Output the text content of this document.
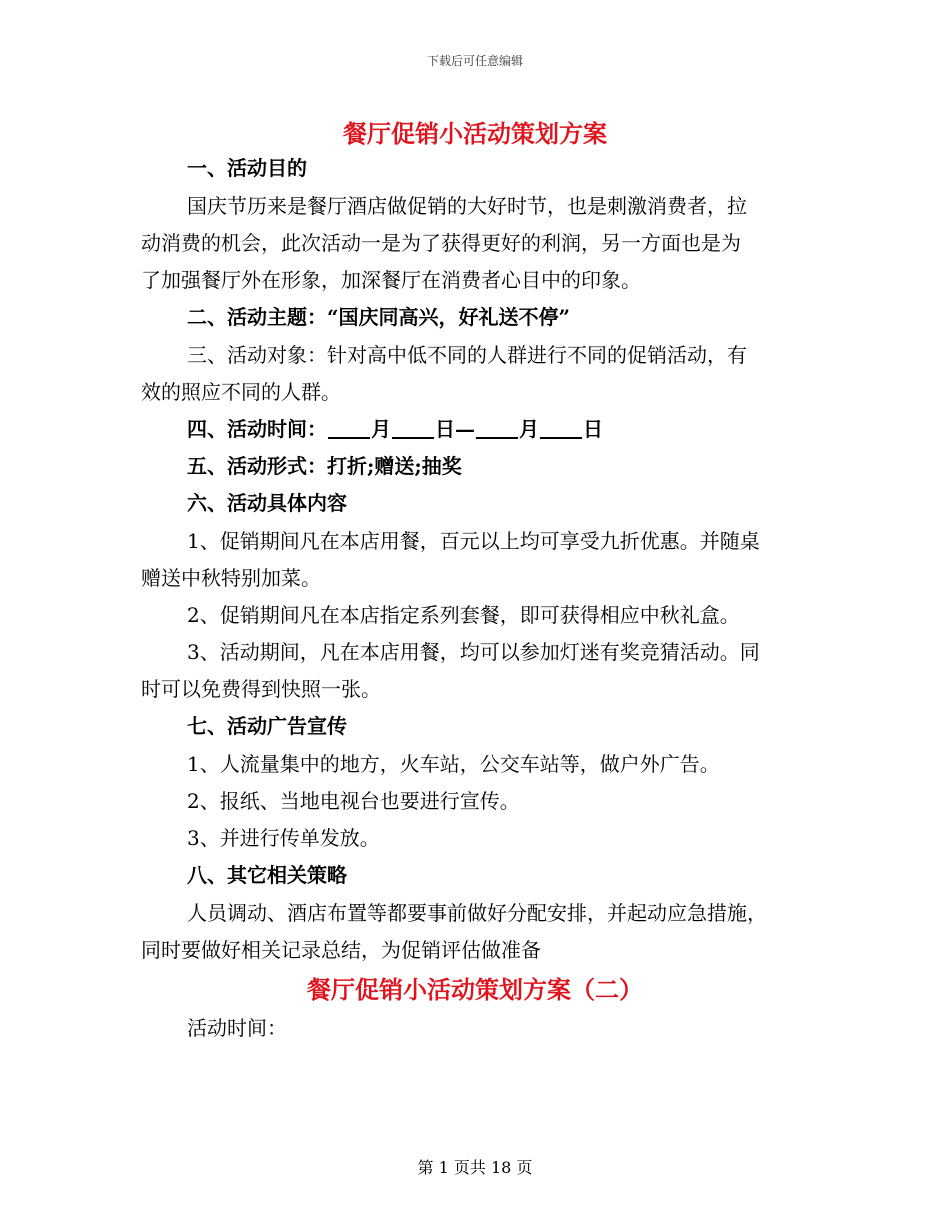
下载后可任意编辑
餐厅促销小活动策划方案
一、活动目的
国庆节历来是餐厅酒店做促销的大好时节，也是刺激消费者，拉
动消费的机会，此次活动一是为了获得更好的利润，另一方面也是为
了加强餐厅外在形象，加深餐厅在消费者心目中的印象。
二、活动主题：“国庆同高兴，好礼送不停”
三、活动对象：针对高中低不同的人群进行不同的促销活动，有
效的照应不同的人群。
四、活动时间： 月 日— 月 日
五、活动形式：打折;赠送;抽奖
六、活动具体内容
1、促销期间凡在本店用餐，百元以上均可享受九折优惠。并随桌
赠送中秋特别加菜。
2、促销期间凡在本店指定系列套餐，即可获得相应中秋礼盒。
3、活动期间，凡在本店用餐，均可以参加灯迷有奖竞猜活动。同
时可以免费得到快照一张。
七、活动广告宣传
1、人流量集中的地方，火车站，公交车站等，做户外广告。
2、报纸、当地电视台也要进行宣传。
3、并进行传单发放。
八、其它相关策略
人员调动、酒店布置等都要事前做好分配安排，并起动应急措施，
同时要做好相关记录总结，为促销评估做准备
餐厅促销小活动策划方案（二）
活动时间：
第 1 页共 18 页
